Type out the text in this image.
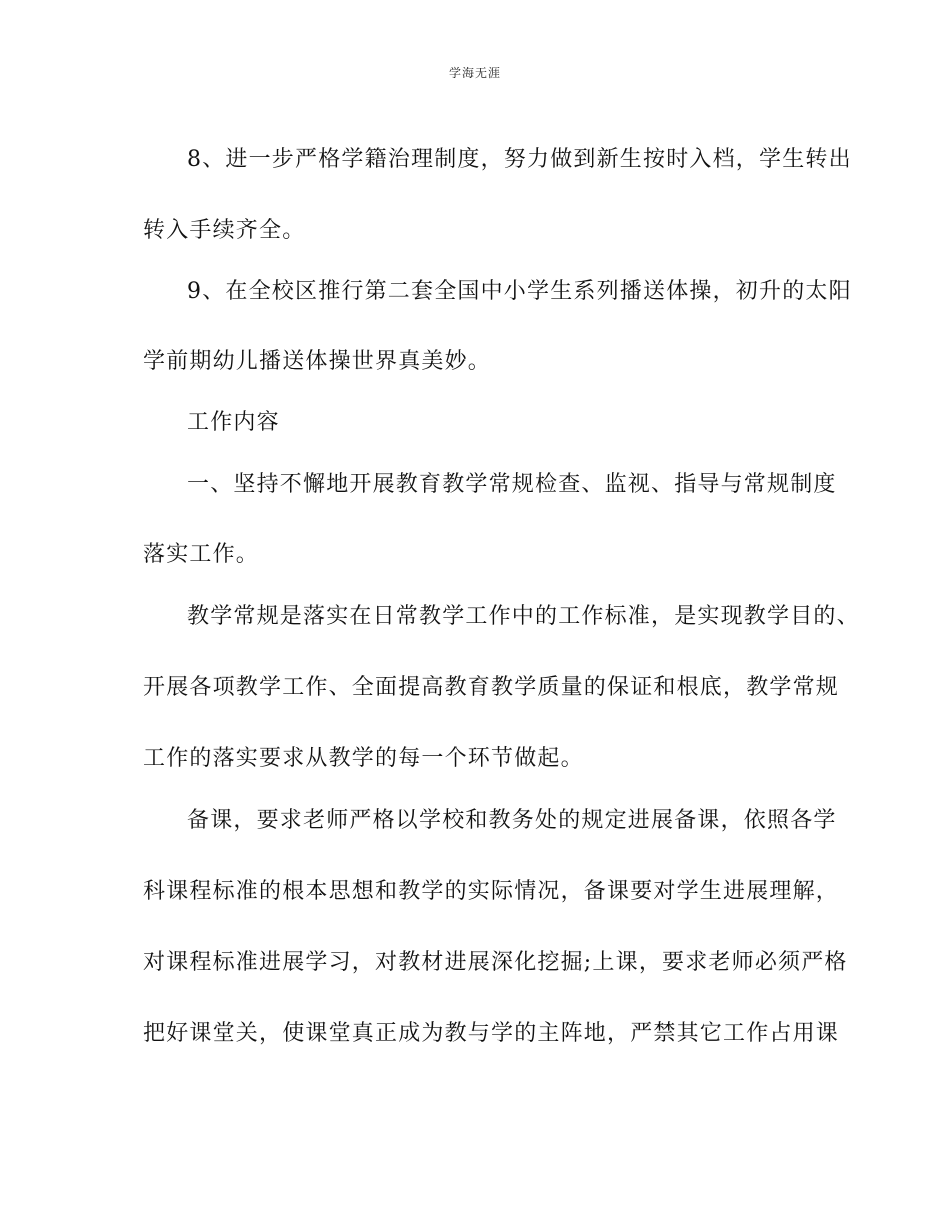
学海无涯
8、进一步严格学籍治理制度，努力做到新生按时入档，学生转出
转入手续齐全。
9、在全校区推行第二套全国中小学生系列播送体操，初升的太阳
学前期幼儿播送体操世界真美妙。
工作内容
一、坚持不懈地开展教育教学常规检查、监视、指导与常规制度
落实工作。
教学常规是落实在日常教学工作中的工作标准，是实现教学目的、
开展各项教学工作、全面提高教育教学质量的保证和根底，教学常规
工作的落实要求从教学的每一个环节做起。
备课，要求老师严格以学校和教务处的规定进展备课，依照各学
科课程标准的根本思想和教学的实际情况，备课要对学生进展理解，
对课程标准进展学习，对教材进展深化挖掘;上课，要求老师必须严格
把好课堂关，使课堂真正成为教与学的主阵地，严禁其它工作占用课
